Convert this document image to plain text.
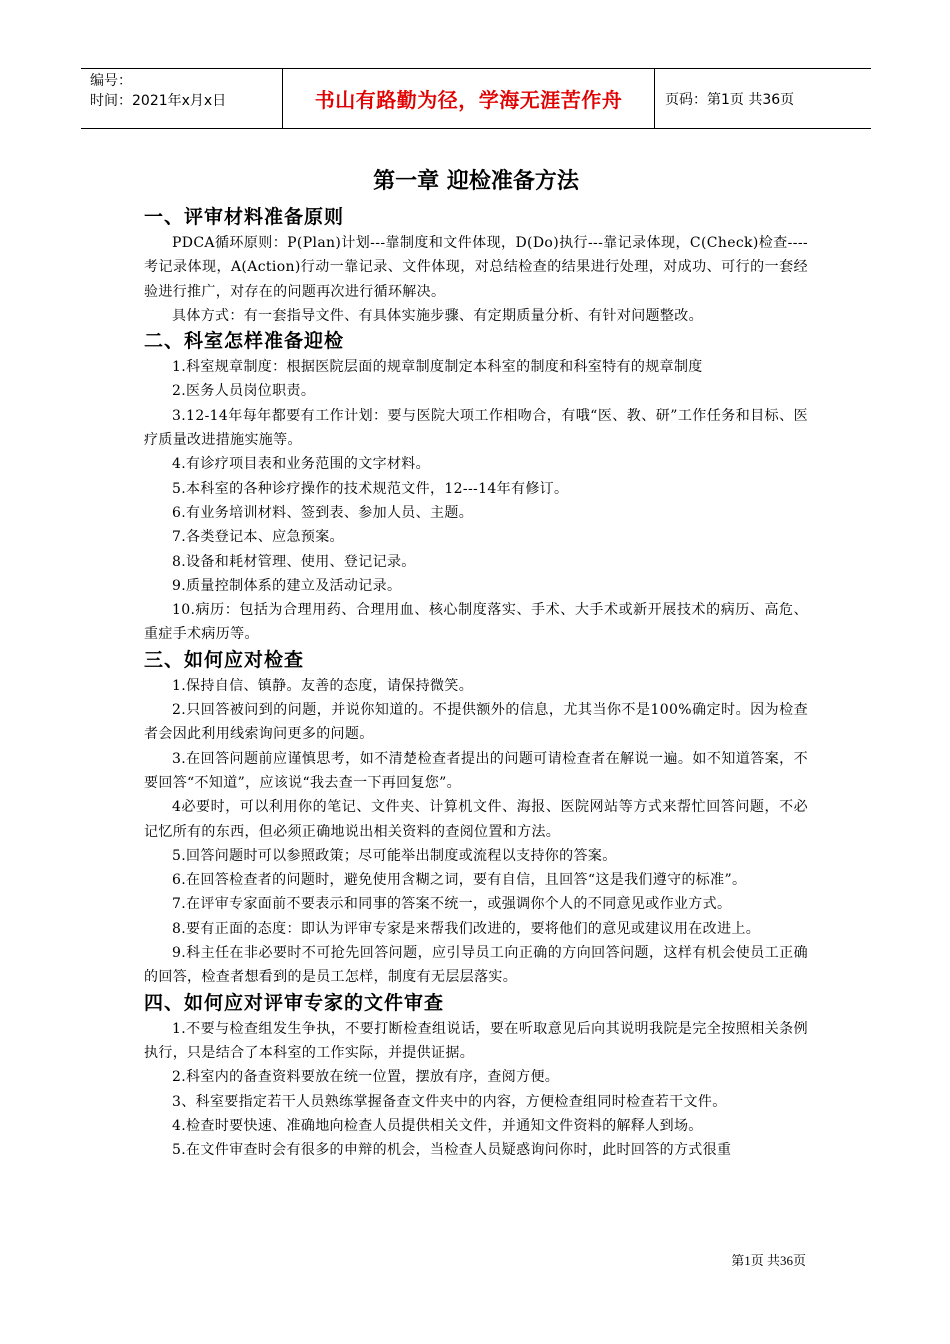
编号：
时间：2021年x月x日	书山有路勤为径，学海无涯苦作舟	页码：第1页 共36页
第一章 迎检准备方法
一、评审材料准备原则

PDCA循环原则：P(Plan)计划---靠制度和文件体现，D(Do)执行---靠记录体现，C(Check)检查----考记录体现，A(Action)行动一靠记录、文件体现，对总结检查的结果进行处理，对成功、可行的一套经验进行推广，对存在的问题再次进行循环解决。

具体方式：有一套指导文件、有具体实施步骤、有定期质量分析、有针对问题整改。

二、科室怎样准备迎检

1.科室规章制度：根据医院层面的规章制度制定本科室的制度和科室特有的规章制度

2.医务人员岗位职责。

3.12-14年每年都要有工作计划：要与医院大项工作相吻合，有哦“医、教、研”工作任务和目标、医疗质量改进措施实施等。

4.有诊疗项目表和业务范围的文字材料。

5.本科室的各种诊疗操作的技术规范文件，12---14年有修订。

6.有业务培训材料、签到表、参加人员、主题。

7.各类登记本、应急预案。

8.设备和耗材管理、使用、登记记录。

9.质量控制体系的建立及活动记录。

10.病历：包括为合理用药、合理用血、核心制度落实、手术、大手术或新开展技术的病历、高危、重症手术病历等。

三、如何应对检查

1.保持自信、镇静。友善的态度，请保持微笑。

2.只回答被问到的问题，并说你知道的。不提供额外的信息，尤其当你不是100%确定时。因为检查者会因此利用线索询问更多的问题。

3.在回答问题前应谨慎思考，如不清楚检查者提出的问题可请检查者在解说一遍。如不知道答案，不要回答“不知道”，应该说“我去查一下再回复您”。

4必要时，可以利用你的笔记、文件夹、计算机文件、海报、医院网站等方式来帮忙回答问题，不必记忆所有的东西，但必须正确地说出相关资料的查阅位置和方法。

5.回答问题时可以参照政策；尽可能举出制度或流程以支持你的答案。

6.在回答检查者的问题时，避免使用含糊之词，要有自信，且回答“这是我们遵守的标准”。

7.在评审专家面前不要表示和同事的答案不统一，或强调你个人的不同意见或作业方式。

8.要有正面的态度：即认为评审专家是来帮我们改进的，要将他们的意见或建议用在改进上。

9.科主任在非必要时不可抢先回答问题，应引导员工向正确的方向回答问题，这样有机会使员工正确的回答，检查者想看到的是员工怎样，制度有无层层落实。

四、如何应对评审专家的文件审查

1.不要与检查组发生争执，不要打断检查组说话，要在听取意见后向其说明我院是完全按照相关条例执行，只是结合了本科室的工作实际，并提供证据。

2.科室内的备查资料要放在统一位置，摆放有序，查阅方便。

3、科室要指定若干人员熟练掌握备查文件夹中的内容，方便检查组同时检查若干文件。

4.检查时要快速、准确地向检查人员提供相关文件，并通知文件资料的解释人到场。

5.在文件审查时会有很多的申辩的机会，当检查人员疑惑询问你时，此时回答的方式很重

第1页 共36页
